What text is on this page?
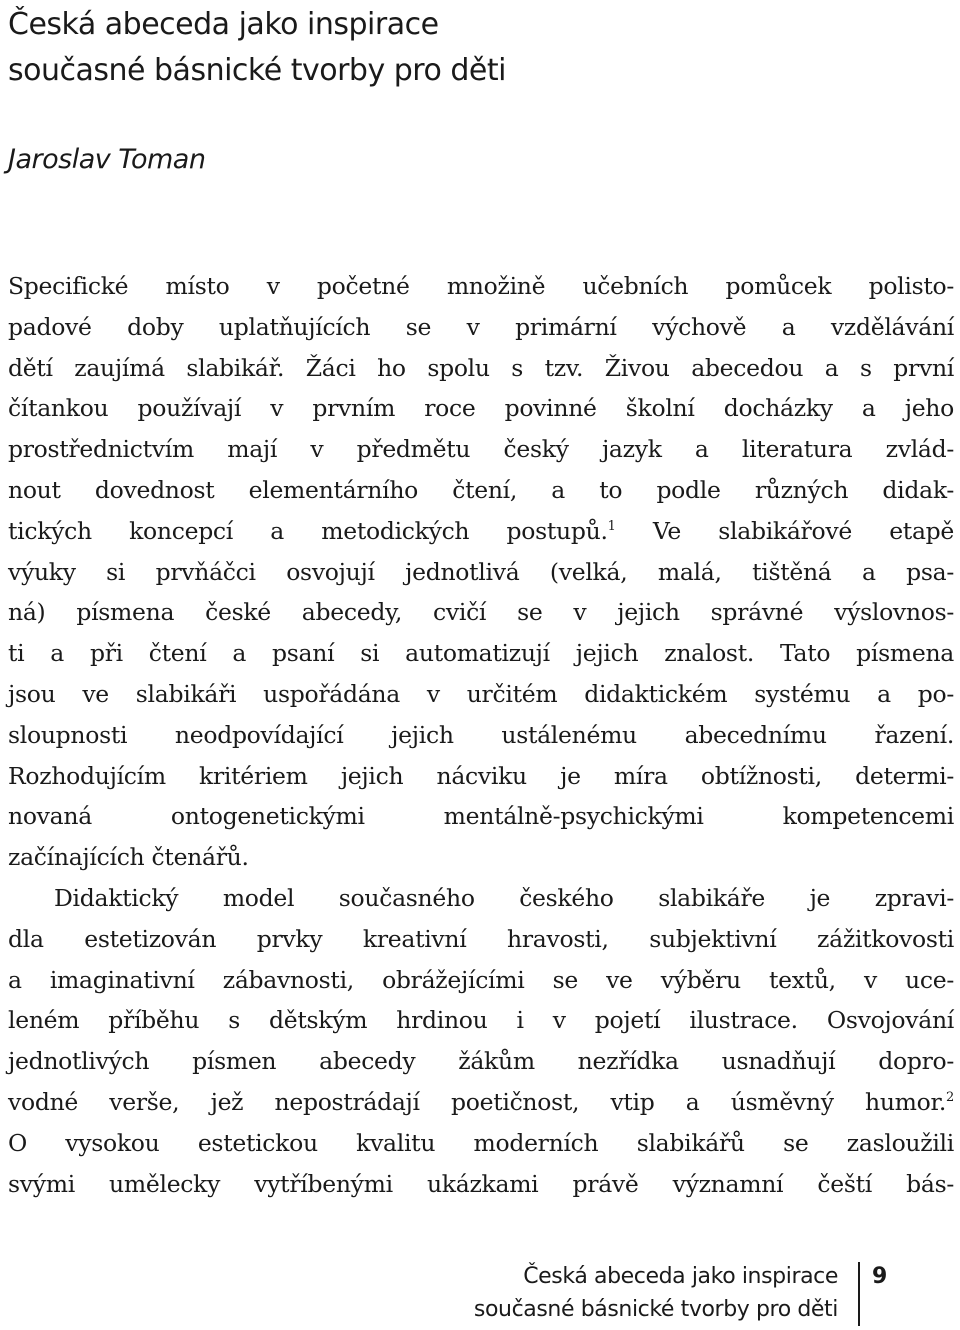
Česká abeceda jako inspirace
současné básnické tvorby pro děti

Jaroslav Toman

Specifické místo v početné množině učebních pomůcek polisto-
padové doby uplatňujících se v primární výchově a vzdělávání
dětí zaujímá slabikář. Žáci ho spolu s tzv. Živou abecedou a s první
čítankou používají v prvním roce povinné školní docházky a jeho
prostřednictvím mají v předmětu český jazyk a literatura zvlád-
nout dovednost elementárního čtení, a to podle různých didak-
tických koncepcí a metodických postupů.$^1$ Ve slabikářové etapě
výuky si prvňáčci osvojují jednotlivá (velká, malá, tištěná a psa-
ná) písmena české abecedy, cvičí se v jejich správné výslovnos-
ti a při čtení a psaní si automatizují jejich znalost. Tato písmena
jsou ve slabikáři uspořádána v určitém didaktickém systému a po-
sloupnosti neodpovídající jejich ustálenému abecednímu řazení.
Rozhodujícím kritériem jejich nácviku je míra obtížnosti, determi-
novaná ontogenetickými mentálně-psychickými kompetencemi
začínajících čtenářů.
Didaktický model současného českého slabikáře je zpravi-
dla estetizován prvky kreativní hravosti, subjektivní zážitkovosti
a imaginativní zábavnosti, obrážejícími se ve výběru textů, v uce-
leném příběhu s dětským hrdinou i v pojetí ilustrace. Osvojování
jednotlivých písmen abecedy žákům nezřídka usnadňují dopro-
vodné verše, jež nepostrádají poetičnost, vtip a úsměvný humor.$^2$
O vysokou estetickou kvalitu moderních slabikářů se zasloužili
svými umělecky vytříbenými ukázkami právě významní čeští bás-
Česká abeceda jako inspirace
současné básnické tvorby pro děti
9
